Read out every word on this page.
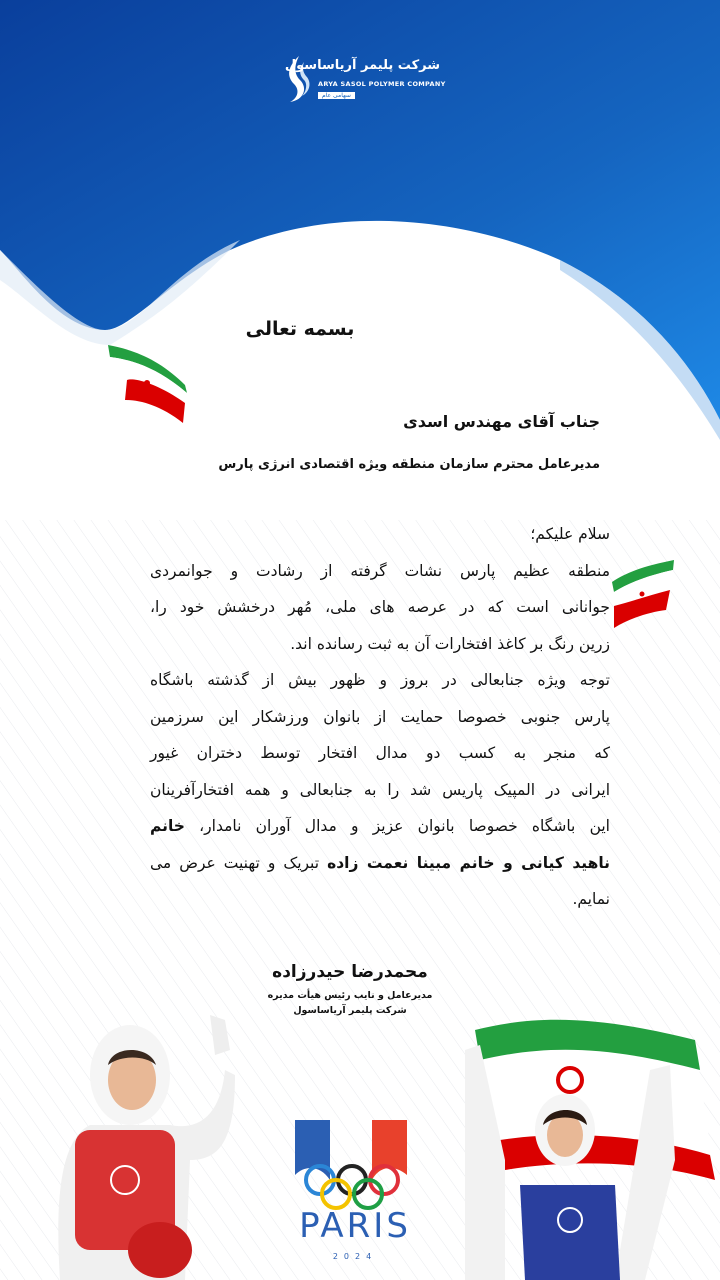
شرکت پلیمر آریاساسول
ARYA SASOL POLYMER COMPANY
سهامی عام
بسمه تعالی
جناب آقای مهندس اسدی
مدیرعامل محترم سازمان منطقه ویژه اقتصادی انرژی پارس
سلام علیکم؛
منطقه عظیم پارس نشات گرفته از رشادت و جوانمردی
جوانانی است که در عرصه های ملی، مُهر درخشش خود را،
زرین رنگ بر کاغذ افتخارات آن به ثبت رسانده اند.
توجه ویژه جنابعالی در بروز و ظهور بیش از گذشته باشگاه
پارس جنوبی خصوصا حمایت از بانوان ورزشکار این سرزمین
که منجر به کسب دو مدال افتخار توسط دختران غیور
ایرانی در المپیک پاریس شد را به جنابعالی و همه افتخارآفرینان
این باشگاه خصوصا بانوان عزیز و مدال آوران نامدار، خانم
ناهید کیانی و خانم مبینا نعمت زاده تبریک و تهنیت عرض می
نمایم.
محمدرضا حیدرزاده
مدیرعامل و نایب رئیس هیأت مدیره
شرکت پلیمر آریاساسول
PARIS
2024
